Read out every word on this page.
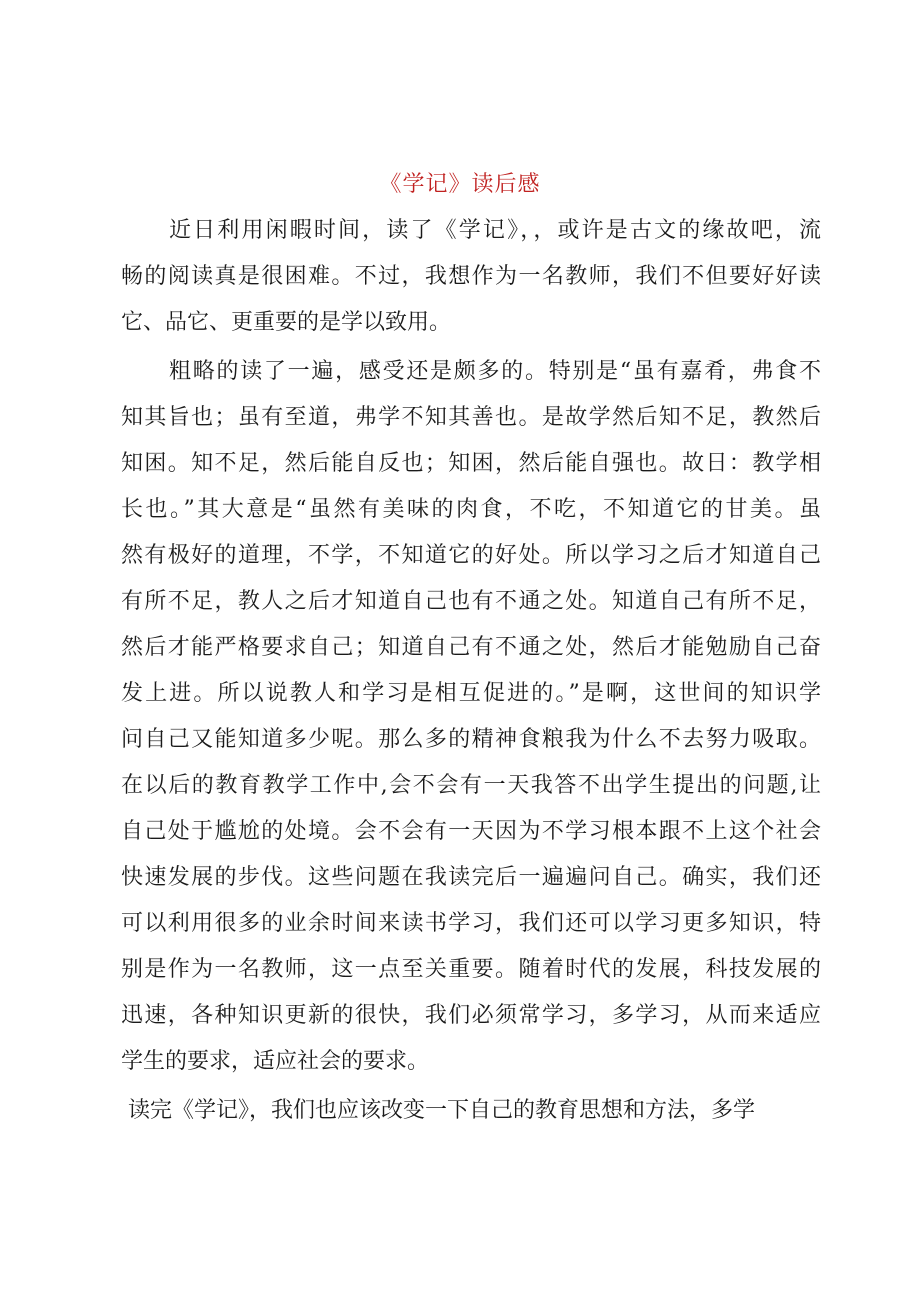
《学记》读后感
近日利用闲暇时间，读了《学记》，，或许是古文的缘故吧，流
畅的阅读真是很困难。不过，我想作为一名教师，我们不但要好好读
它、品它、更重要的是学以致用。
粗略的读了一遍，感受还是颇多的。特别是“虽有嘉肴，弗食不
知其旨也；虽有至道，弗学不知其善也。是故学然后知不足，教然后
知困。知不足，然后能自反也；知困，然后能自强也。故日：教学相
长也。”其大意是“虽然有美味的肉食，不吃，不知道它的甘美。虽
然有极好的道理，不学，不知道它的好处。所以学习之后才知道自己
有所不足，教人之后才知道自己也有不通之处。知道自己有所不足，
然后才能严格要求自己；知道自己有不通之处，然后才能勉励自己奋
发上进。所以说教人和学习是相互促进的。”是啊，这世间的知识学
问自己又能知道多少呢。那么多的精神食粮我为什么不去努力吸取。
在以后的教育教学工作中,会不会有一天我答不出学生提出的问题,让
自己处于尴尬的处境。会不会有一天因为不学习根本跟不上这个社会
快速发展的步伐。这些问题在我读完后一遍遍问自己。确实，我们还
可以利用很多的业余时间来读书学习，我们还可以学习更多知识，特
别是作为一名教师，这一点至关重要。随着时代的发展，科技发展的
迅速，各种知识更新的很快，我们必须常学习，多学习，从而来适应
学生的要求，适应社会的要求。
读完《学记》，我们也应该改变一下自己的教育思想和方法，多学
